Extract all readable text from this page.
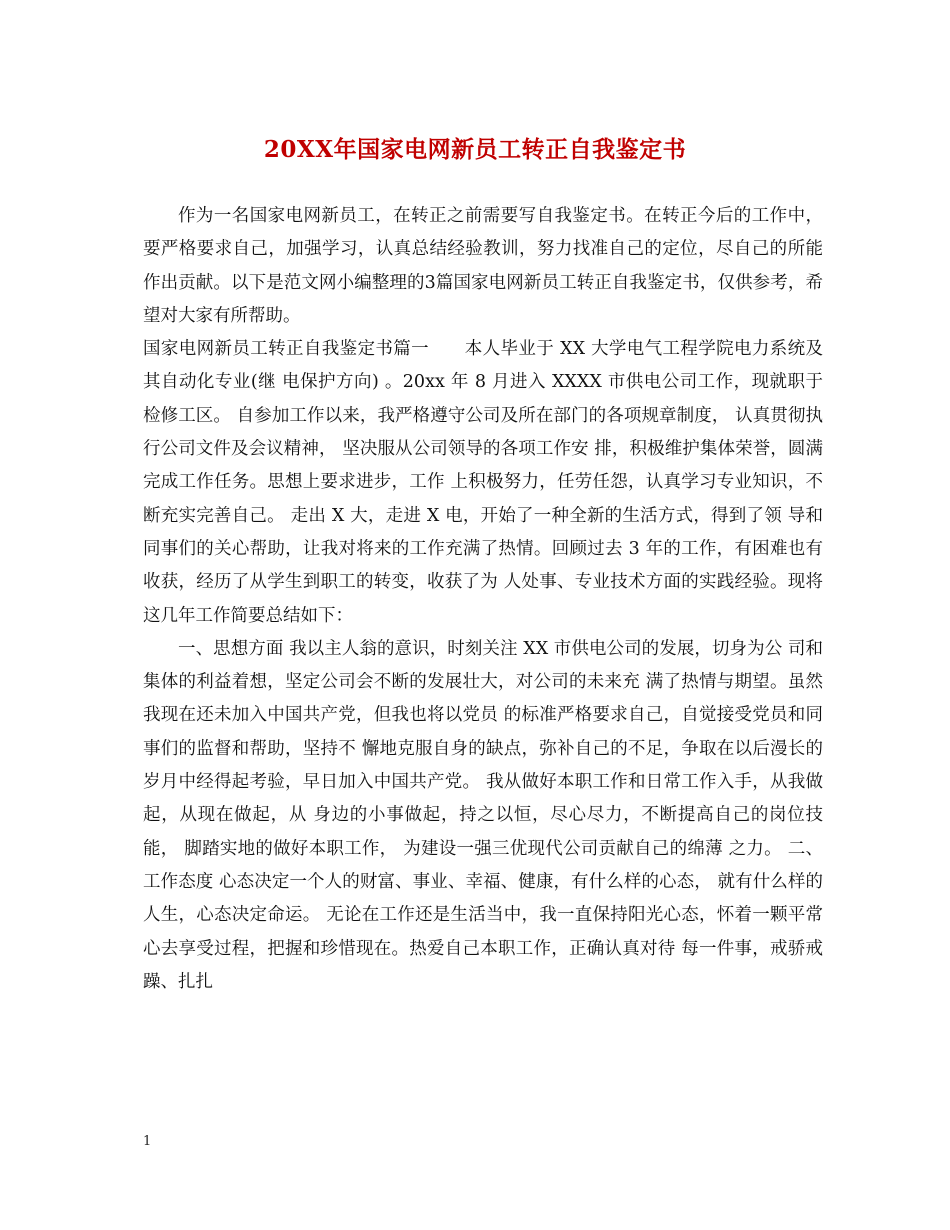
20XX年国家电网新员工转正自我鉴定书

作为一名国家电网新员工，在转正之前需要写自我鉴定书。在转正今后的工作中，要严格要求自己，加强学习，认真总结经验教训，努力找准自己的定位，尽自己的所能作出贡献。以下是范文网小编整理的3篇国家电网新员工转正自我鉴定书，仅供参考，希望对大家有所帮助。

国家电网新员工转正自我鉴定书篇一　　本人毕业于 XX 大学电气工程学院电力系统及其自动化专业(继 电保护方向) 。20xx 年 8 月进入 XXXX 市供电公司工作，现就职于 检修工区。 自参加工作以来，我严格遵守公司及所在部门的各项规章制度， 认真贯彻执行公司文件及会议精神， 坚决服从公司领导的各项工作安 排，积极维护集体荣誉，圆满完成工作任务。思想上要求进步，工作 上积极努力，任劳任怨，认真学习专业知识，不断充实完善自己。 走出 X 大，走进 X 电，开始了一种全新的生活方式，得到了领 导和同事们的关心帮助，让我对将来的工作充满了热情。回顾过去 3 年的工作，有困难也有收获，经历了从学生到职工的转变，收获了为 人处事、专业技术方面的实践经验。现将这几年工作简要总结如下：

一、思想方面 我以主人翁的意识，时刻关注 XX 市供电公司的发展，切身为公 司和集体的利益着想，坚定公司会不断的发展壮大，对公司的未来充 满了热情与期望。虽然我现在还未加入中国共产党，但我也将以党员 的标准严格要求自己，自觉接受党员和同事们的监督和帮助，坚持不 懈地克服自身的缺点，弥补自己的不足，争取在以后漫长的岁月中经得起考验，早日加入中国共产党。 我从做好本职工作和日常工作入手，从我做起，从现在做起，从 身边的小事做起，持之以恒，尽心尽力，不断提高自己的岗位技能， 脚踏实地的做好本职工作， 为建设一强三优现代公司贡献自己的绵薄 之力。 二、 工作态度 心态决定一个人的财富、事业、幸福、健康，有什么样的心态， 就有什么样的人生，心态决定命运。 无论在工作还是生活当中，我一直保持阳光心态，怀着一颗平常 心去享受过程，把握和珍惜现在。热爱自己本职工作，正确认真对待 每一件事，戒骄戒躁、扎扎

1
